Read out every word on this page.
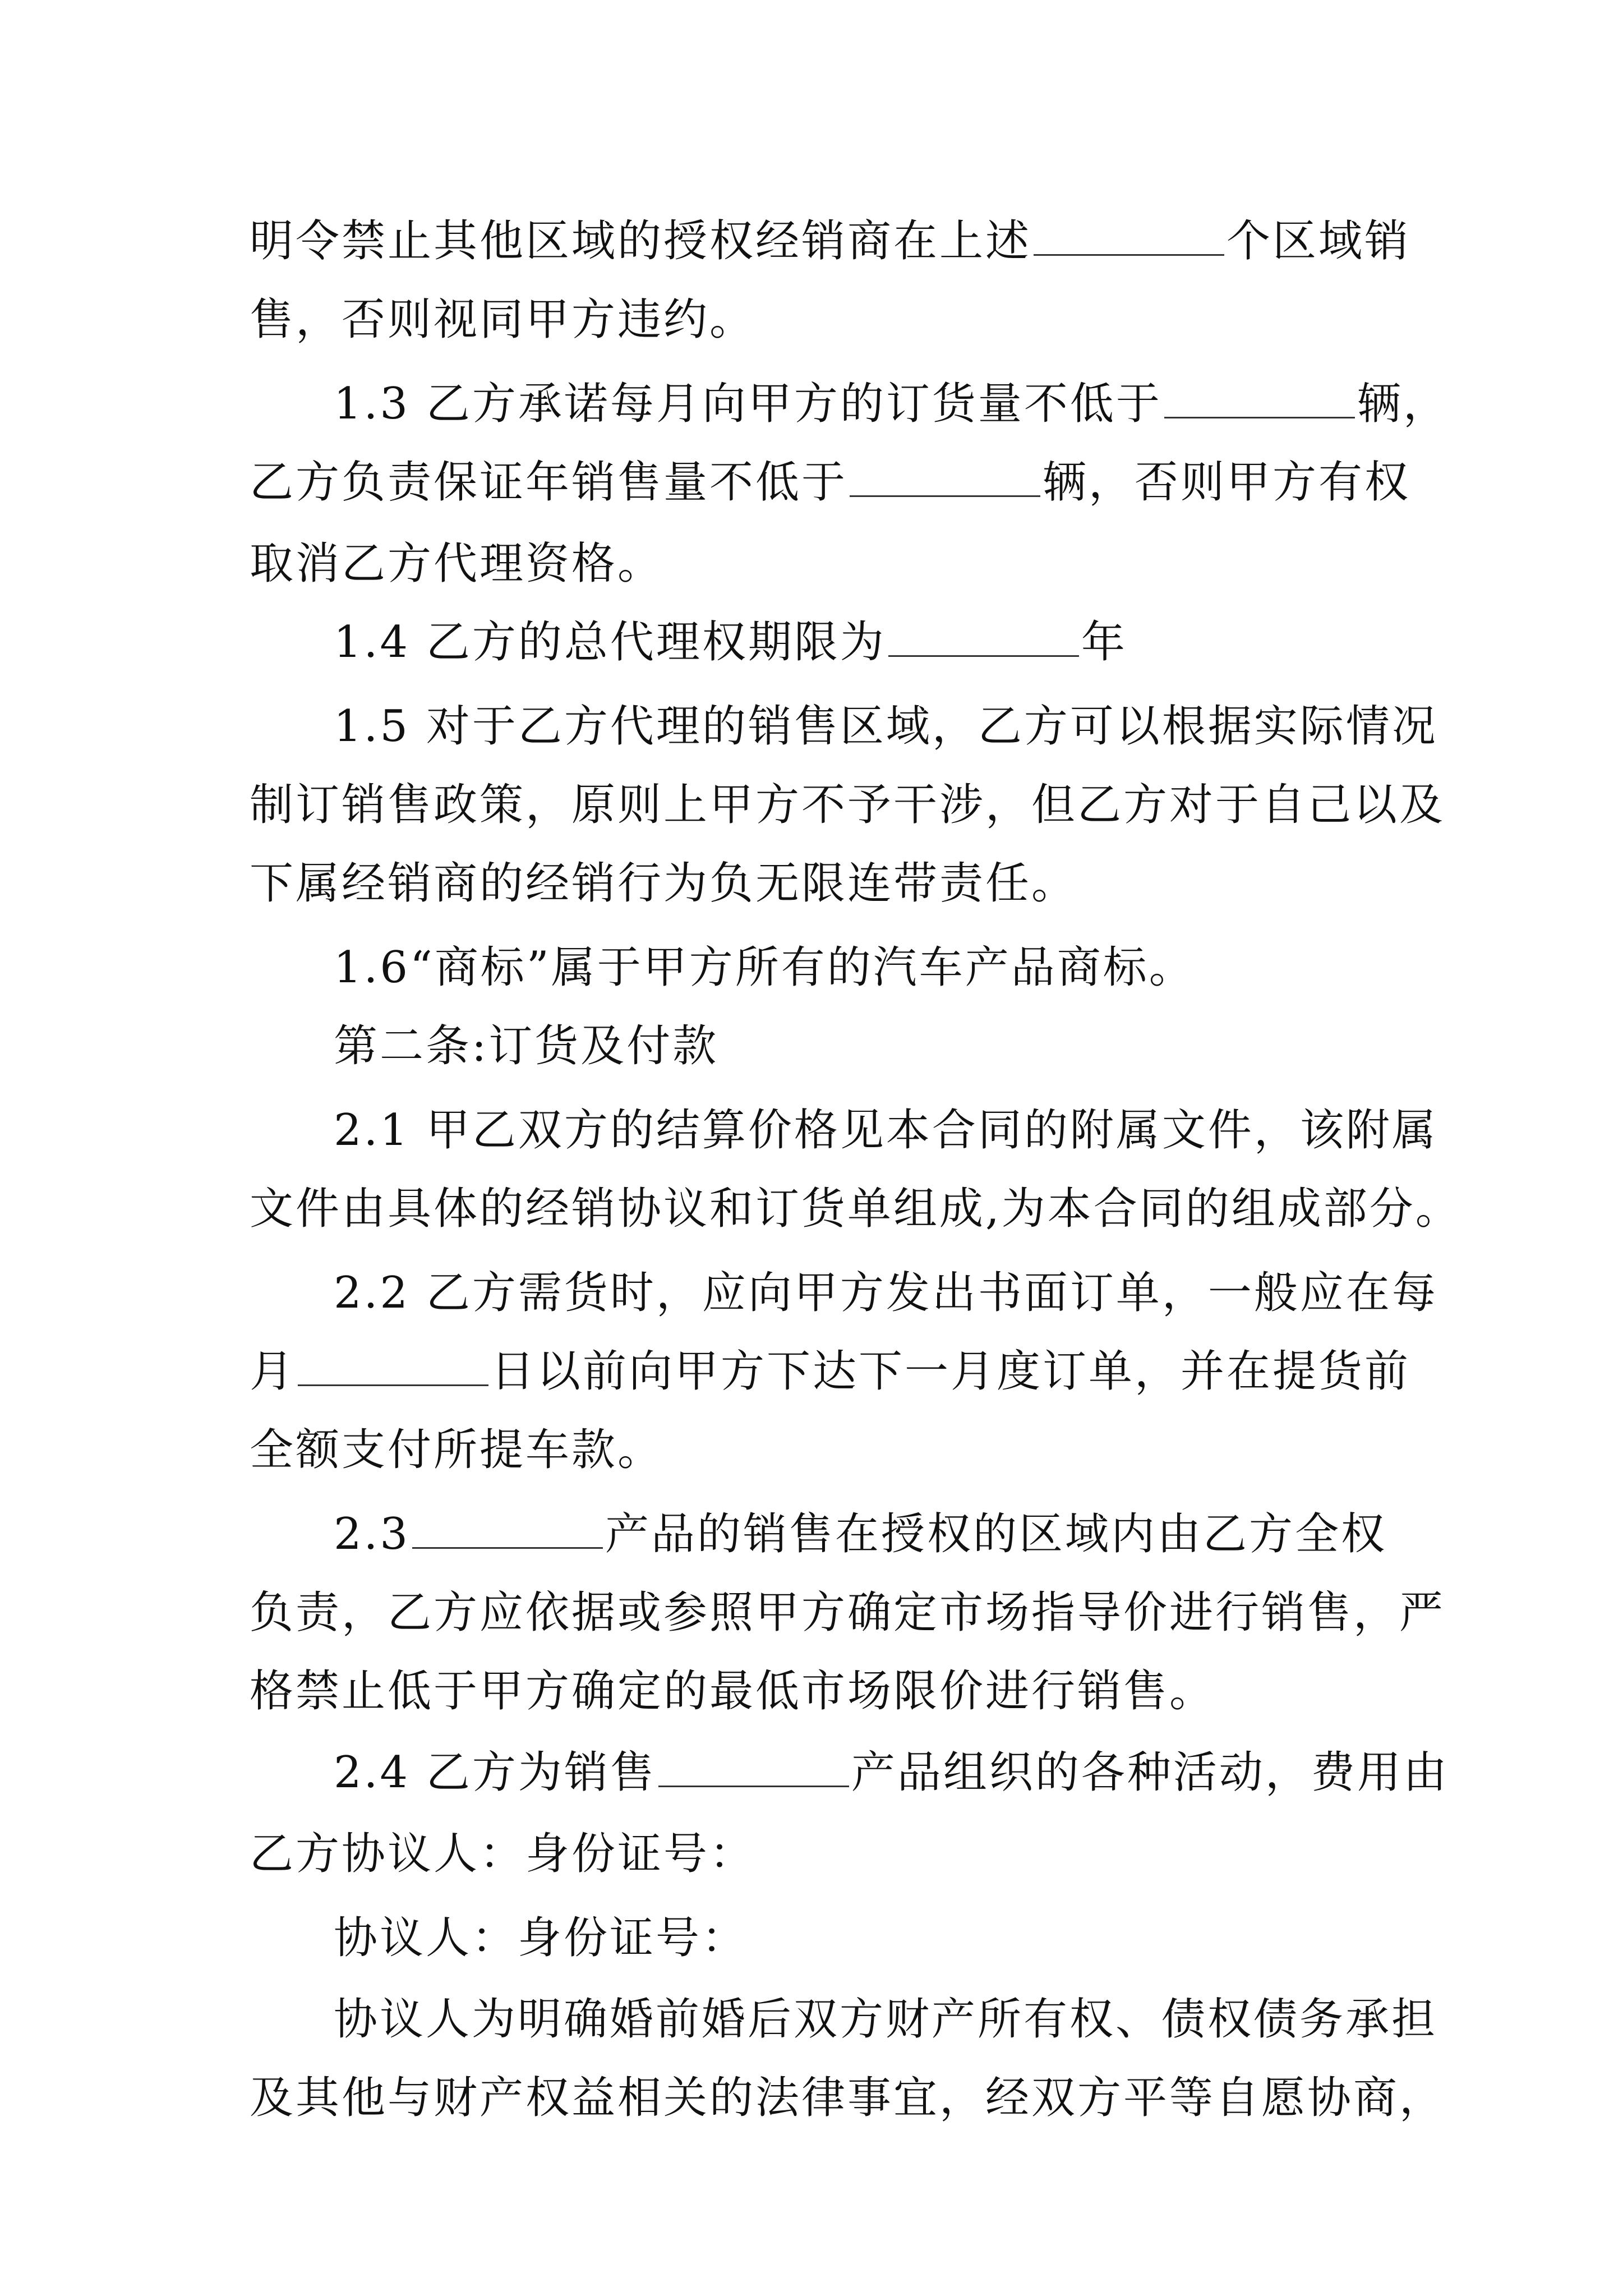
明令禁止其他区域的授权经销商在上述	个区域销
售，否则视同甲方违约。
1.3 乙方承诺每月向甲方的订货量不低于	辆，
乙方负责保证年销售量不低于	辆，否则甲方有权
取消乙方代理资格。
1.4 乙方的总代理权期限为	年
1.5 对于乙方代理的销售区域，乙方可以根据实际情况
制订销售政策，原则上甲方不予干涉，但乙方对于自己以及
下属经销商的经销行为负无限连带责任。
1.6“商标”属于甲方所有的汽车产品商标。
第二条:订货及付款
2.1 甲乙双方的结算价格见本合同的附属文件，该附属
文件由具体的经销协议和订货单组成,为本合同的组成部分。
2.2 乙方需货时，应向甲方发出书面订单，一般应在每
月	日以前向甲方下达下一月度订单，并在提货前
全额支付所提车款。
2.3	产品的销售在授权的区域内由乙方全权
负责，乙方应依据或参照甲方确定市场指导价进行销售，严
格禁止低于甲方确定的最低市场限价进行销售。
2.4 乙方为销售	产品组织的各种活动，费用由
乙方协议人：身份证号：
协议人：身份证号：
协议人为明确婚前婚后双方财产所有权、债权债务承担
及其他与财产权益相关的法律事宜，经双方平等自愿协商，
